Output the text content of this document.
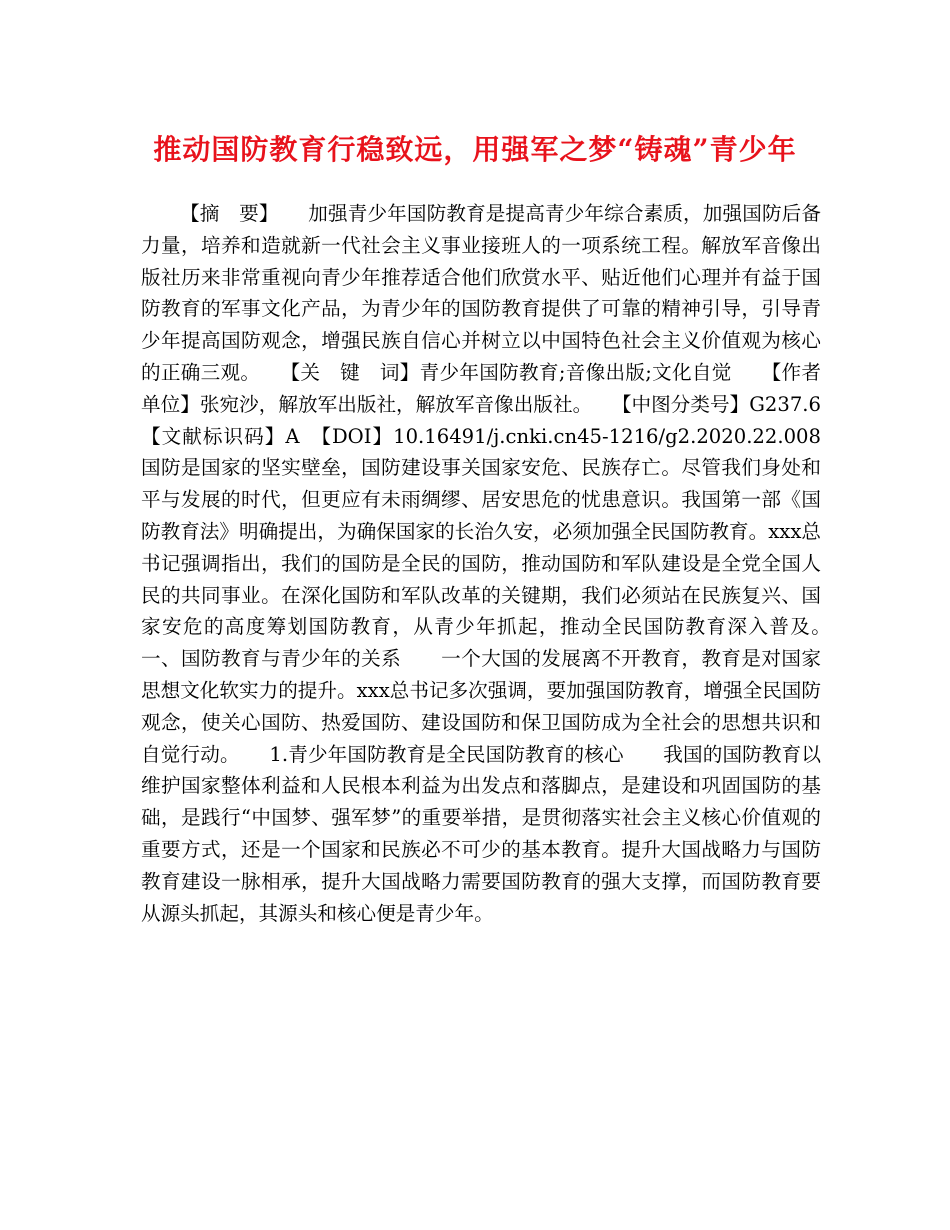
推动国防教育行稳致远，用强军之梦“铸魂”青少年
【摘　要】　　加强青少年国防教育是提高青少年综合素质，加强国防后备力量，培养和造就新一代社会主义事业接班人的一项系统工程。解放军音像出版社历来非常重视向青少年推荐适合他们欣赏水平、贴近他们心理并有益于国防教育的军事文化产品，为青少年的国防教育提供了可靠的精神引导，引导青少年提高国防观念，增强民族自信心并树立以中国特色社会主义价值观为核心的正确三观。　　【关　键　词】青少年国防教育;音像出版;文化自觉　　【作者单位】张宛沙，解放军出版社，解放军音像出版社。　　【中图分类号】G237.6　【文献标识码】A　【DOI】10.16491/j.cnki.cn45-1216/g2.2020.22.008　　国防是国家的坚实壁垒，国防建设事关国家安危、民族存亡。尽管我们身处和平与发展的时代，但更应有未雨绸缪、居安思危的忧患意识。我国第一部《国防教育法》明确提出，为确保国家的长治久安，必须加强全民国防教育。xxx总书记强调指出，我们的国防是全民的国防，推动国防和军队建设是全党全国人民的共同事业。在深化国防和军队改革的关键期，我们必须站在民族复兴、国家安危的高度筹划国防教育，从青少年抓起，推动全民国防教育深入普及。　　一、国防教育与青少年的关系　　一个大国的发展离不开教育，教育是对国家思想文化软实力的提升。xxx总书记多次强调，要加强国防教育，增强全民国防观念，使关心国防、热爱国防、建设国防和保卫国防成为全社会的思想共识和自觉行动。　　1.青少年国防教育是全民国防教育的核心　　我国的国防教育以维护国家整体利益和人民根本利益为出发点和落脚点，是建设和巩固国防的基础，是践行“中国梦、强军梦”的重要举措，是贯彻落实社会主义核心价值观的重要方式，还是一个国家和民族必不可少的基本教育。提升大国战略力与国防教育建设一脉相承，提升大国战略力需要国防教育的强大支撑，而国防教育要从源头抓起，其源头和核心便是青少年。
